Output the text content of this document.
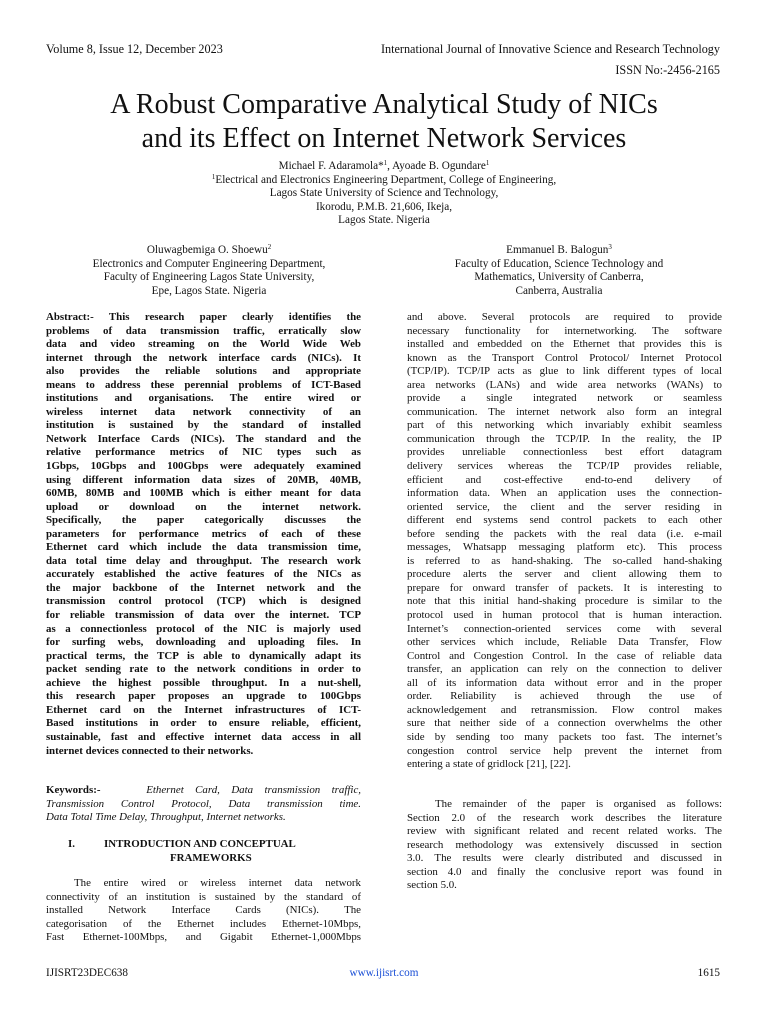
Volume 8, Issue 12, December 2023	International Journal of Innovative Science and Research Technology
ISSN No:-2456-2165
A Robust Comparative Analytical Study of NICs
and its Effect on Internet Network Services
Michael F. Adaramola*$^1$, Ayoade B. Ogundare$^1$
$^1$Electrical and Electronics Engineering Department, College of Engineering,
Lagos State University of Science and Technology,
Ikorodu, P.M.B. 21,606, Ikeja,
Lagos State. Nigeria
Oluwagbemiga O. Shoewu$^2$
Electronics and Computer Engineering Department,
Faculty of Engineering Lagos State University,
Epe, Lagos State. Nigeria
Emmanuel B. Balogun$^3$
Faculty of Education, Science Technology and
Mathematics, University of Canberra,
Canberra, Australia
Abstract:- This research paper clearly identifies the
problems of data transmission traffic, erratically slow
data and video streaming on the World Wide Web
internet through the network interface cards (NICs). It
also provides the reliable solutions and appropriate
means to address these perennial problems of ICT-Based
institutions and organisations. The entire wired or
wireless internet data network connectivity of an
institution is sustained by the standard of installed
Network Interface Cards (NICs). The standard and the
relative performance metrics of NIC types such as
1Gbps, 10Gbps and 100Gbps were adequately examined
using different information data sizes of 20MB, 40MB,
60MB, 80MB and 100MB which is either meant for data
upload or download on the internet network.
Specifically, the paper categorically discusses the
parameters for performance metrics of each of these
Ethernet card which include the data transmission time,
data total time delay and throughput. The research work
accurately established the active features of the NICs as
the major backbone of the Internet network and the
transmission control protocol (TCP) which is designed
for reliable transmission of data over the internet. TCP
as a connectionless protocol of the NIC is majorly used
for surfing webs, downloading and uploading files. In
practical terms, the TCP is able to dynamically adapt its
packet sending rate to the network conditions in order to
achieve the highest possible throughput. In a nut-shell,
this research paper proposes an upgrade to 100Gbps
Ethernet card on the Internet infrastructures of ICT-
Based institutions in order to ensure reliable, efficient,
sustainable, fast and effective internet data access in all
internet devices connected to their networks.
Keywords:-	Ethernet Card, Data transmission traffic,
Transmission Control Protocol, Data transmission time.
Data Total Time Delay, Throughput, Internet networks.
I.	INTRODUCTION AND CONCEPTUAL
FRAMEWORKS
The entire wired or wireless internet data network
connectivity of an institution is sustained by the standard of
installed Network Interface Cards (NICs). The
categorisation of the Ethernet includes Ethernet-10Mbps,
Fast Ethernet-100Mbps, and Gigabit Ethernet-1,000Mbps
and above. Several protocols are required to provide
necessary functionality for internetworking. The software
installed and embedded on the Ethernet that provides this is
known as the Transport Control Protocol/ Internet Protocol
(TCP/IP). TCP/IP acts as glue to link different types of local
area networks (LANs) and wide area networks (WANs) to
provide a single integrated network or seamless
communication. The internet network also form an integral
part of this networking which invariably exhibit seamless
communication through the TCP/IP. In the reality, the IP
provides unreliable connectionless best effort datagram
delivery services whereas the TCP/IP provides reliable,
efficient and cost-effective end-to-end delivery of
information data. When an application uses the connection-
oriented service, the client and the server residing in
different end systems send control packets to each other
before sending the packets with the real data (i.e. e-mail
messages, Whatsapp messaging platform etc). This process
is referred to as hand-shaking. The so-called hand-shaking
procedure alerts the server and client allowing them to
prepare for onward transfer of packets. It is interesting to
note that this initial hand-shaking procedure is similar to the
protocol used in human protocol that is human interaction.
Internet’s connection-oriented services come with several
other services which include, Reliable Data Transfer, Flow
Control and Congestion Control. In the case of reliable data
transfer, an application can rely on the connection to deliver
all of its information data without error and in the proper
order. Reliability is achieved through the use of
acknowledgement and retransmission. Flow control makes
sure that neither side of a connection overwhelms the other
side by sending too many packets too fast. The internet’s
congestion control service help prevent the internet from
entering a state of gridlock [21], [22].
The remainder of the paper is organised as follows:
Section 2.0 of the research work describes the literature
review with significant related and recent related works. The
research methodology was extensively discussed in section
3.0. The results were clearly distributed and discussed in
section 4.0 and finally the conclusive report was found in
section 5.0.
IJISRT23DEC638	www.ijisrt.com	1615
